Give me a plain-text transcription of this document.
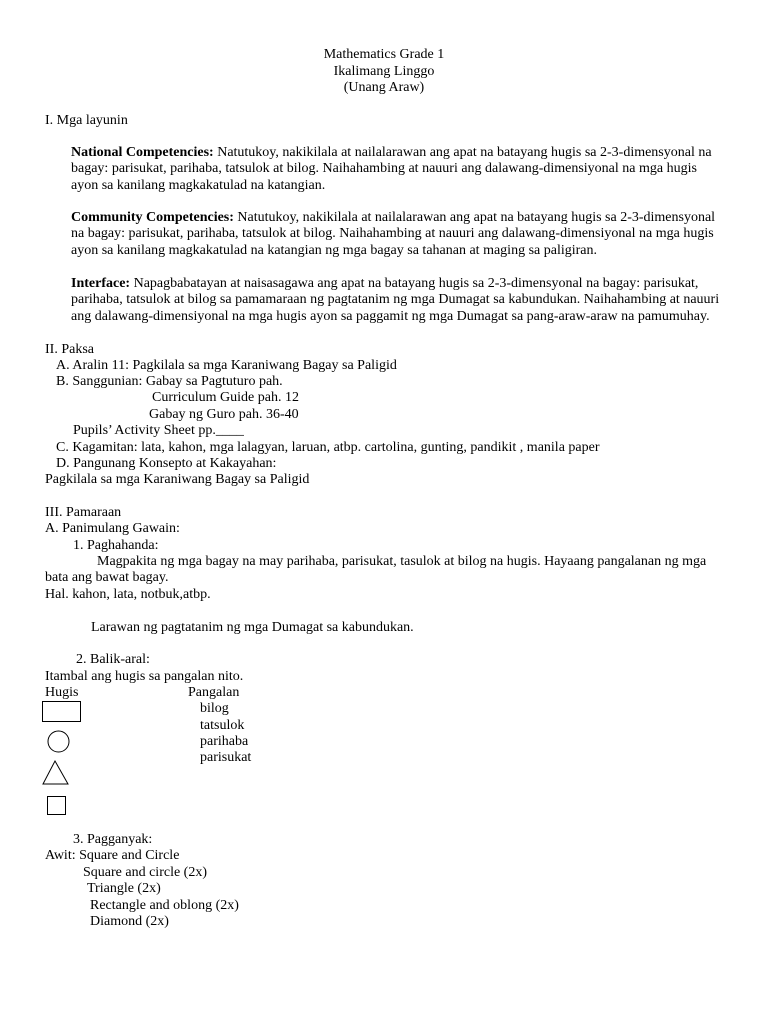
Mathematics Grade 1
Ikalimang Linggo
(Unang Araw)
I. Mga layunin
National Competencies: Natutukoy, nakikilala at nailalarawan ang apat na batayang hugis sa 2-3-dimensyonal na bagay: parisukat, parihaba, tatsulok at bilog. Naihahambing at nauuri ang dalawang-dimensiyonal na mga hugis ayon sa kanilang magkakatulad na katangian.
Community Competencies: Natutukoy, nakikilala at nailalarawan ang apat na batayang hugis sa 2-3-dimensyonal na bagay: parisukat, parihaba, tatsulok at bilog. Naihahambing at nauuri ang dalawang-dimensiyonal na mga hugis ayon sa kanilang magkakatulad na katangian ng mga bagay sa tahanan at maging sa paligiran.
Interface: Napagbabatayan at naisasagawa ang apat na batayang hugis sa 2-3-dimensyonal na bagay: parisukat, parihaba, tatsulok at bilog sa pamamaraan ng pagtatanim ng mga Dumagat sa kabundukan. Naihahambing at nauuri ang dalawang-dimensiyonal na mga hugis ayon sa paggamit ng mga Dumagat sa pang-araw-araw na pamumuhay.
II. Paksa
A. Aralin 11: Pagkilala sa mga Karaniwang Bagay sa Paligid
B. Sanggunian: Gabay sa Pagtuturo pah.
Curriculum Guide pah. 12
Gabay ng Guro pah. 36-40
Pupils’ Activity Sheet pp.____
C. Kagamitan: lata, kahon, mga lalagyan, laruan, atbp. cartolina, gunting, pandikit , manila paper
D. Pangunang Konsepto at Kakayahan:
Pagkilala sa mga Karaniwang Bagay sa Paligid
III. Pamaraan
A. Panimulang Gawain:
1. Paghahanda:
Magpakita ng mga bagay na may parihaba, parisukat, tasulok at bilog na hugis. Hayaang pangalanan ng mga
bata ang bawat bagay.
Hal. kahon, lata, notbuk,atbp.
Larawan ng pagtatanim ng mga Dumagat sa kabundukan.
2. Balik-aral:
Itambal ang hugis sa pangalan nito.
Hugis	Pangalan
bilog
tatsulok
parihaba
parisukat
3. Pagganyak:
Awit: Square and Circle
Square and circle (2x)
Triangle (2x)
Rectangle and oblong (2x)
Diamond (2x)
